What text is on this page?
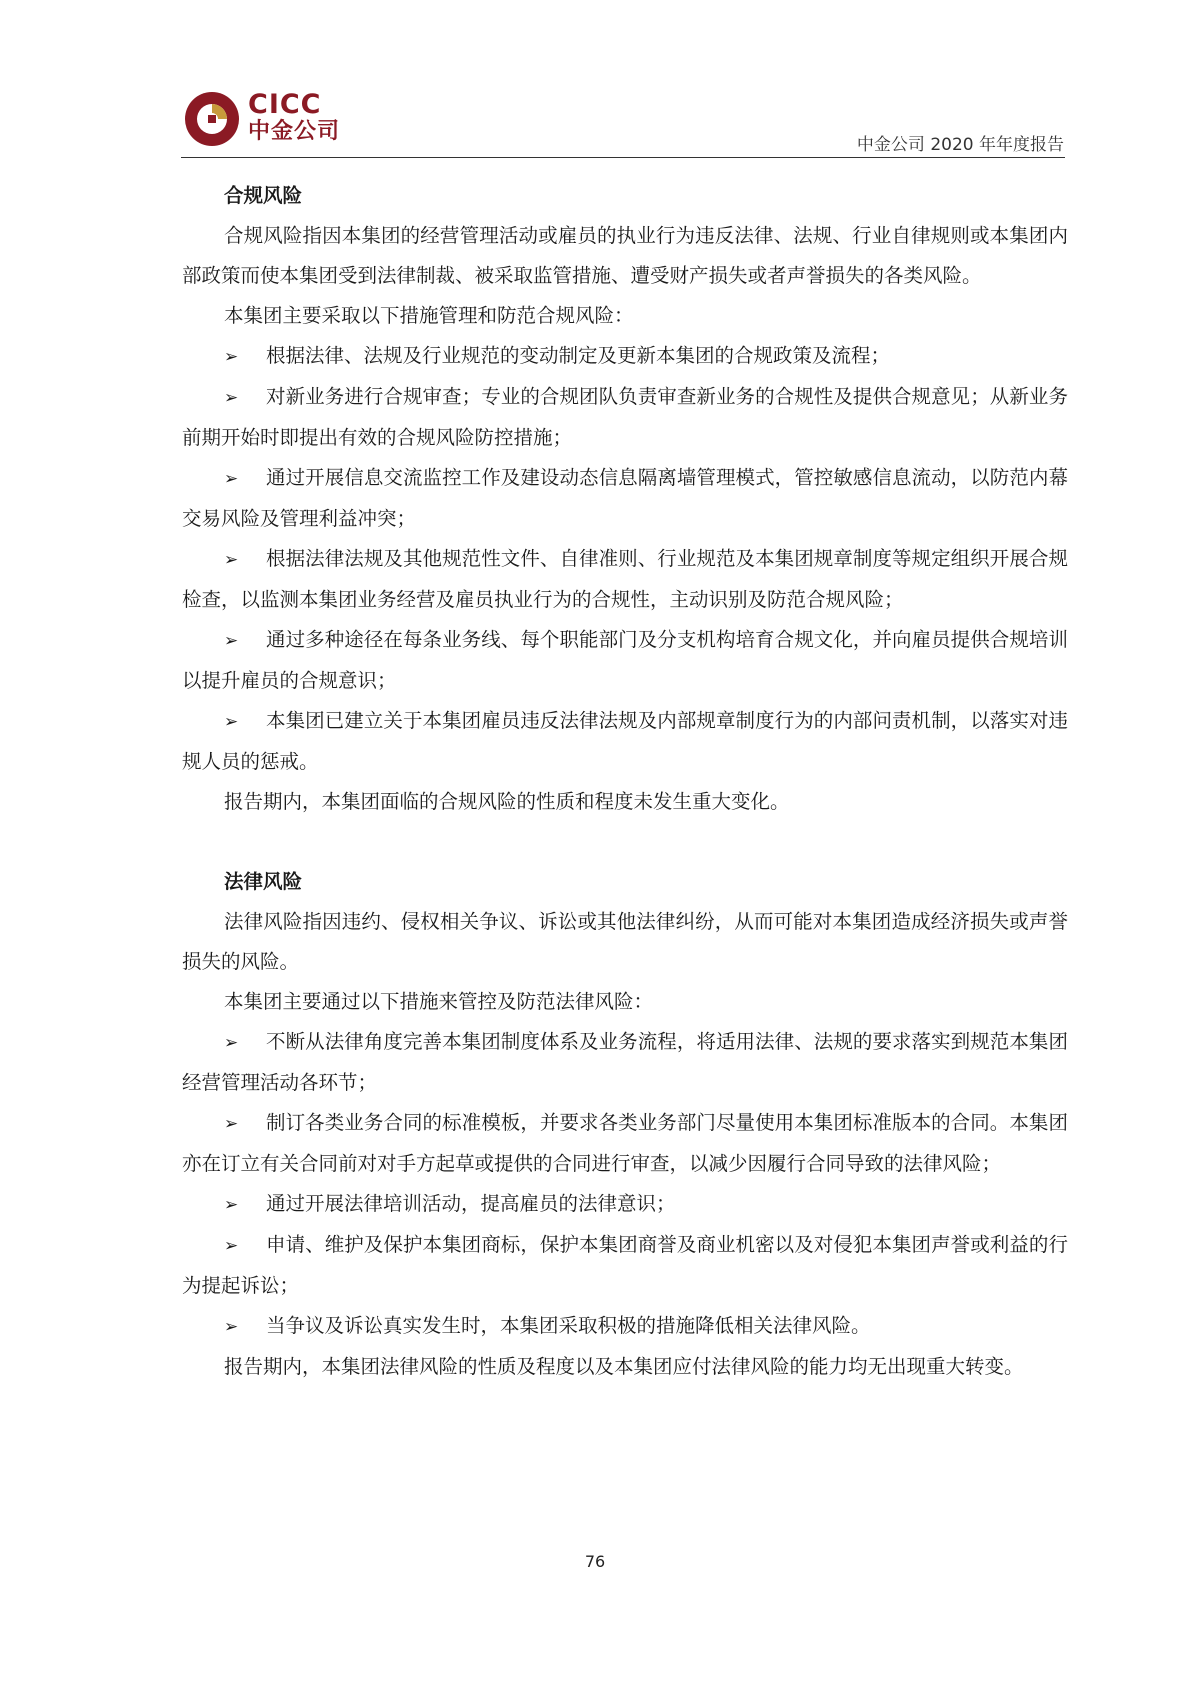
CICC
中金公司
中金公司 2020 年年度报告

合规风险

合规风险指因本集团的经营管理活动或雇员的执业行为违反法律、法规、行业自律规则或本集团内部政策而使本集团受到法律制裁、被采取监管措施、遭受财产损失或者声誉损失的各类风险。

本集团主要采取以下措施管理和防范合规风险：

➢ 根据法律、法规及行业规范的变动制定及更新本集团的合规政策及流程；

➢ 对新业务进行合规审查；专业的合规团队负责审查新业务的合规性及提供合规意见；从新业务前期开始时即提出有效的合规风险防控措施；

➢ 通过开展信息交流监控工作及建设动态信息隔离墙管理模式，管控敏感信息流动，以防范内幕交易风险及管理利益冲突；

➢ 根据法律法规及其他规范性文件、自律准则、行业规范及本集团规章制度等规定组织开展合规检查，以监测本集团业务经营及雇员执业行为的合规性，主动识别及防范合规风险；

➢ 通过多种途径在每条业务线、每个职能部门及分支机构培育合规文化，并向雇员提供合规培训以提升雇员的合规意识；

➢ 本集团已建立关于本集团雇员违反法律法规及内部规章制度行为的内部问责机制，以落实对违规人员的惩戒。

报告期内，本集团面临的合规风险的性质和程度未发生重大变化。

法律风险

法律风险指因违约、侵权相关争议、诉讼或其他法律纠纷，从而可能对本集团造成经济损失或声誉损失的风险。

本集团主要通过以下措施来管控及防范法律风险：

➢ 不断从法律角度完善本集团制度体系及业务流程，将适用法律、法规的要求落实到规范本集团经营管理活动各环节；

➢ 制订各类业务合同的标准模板，并要求各类业务部门尽量使用本集团标准版本的合同。本集团亦在订立有关合同前对对手方起草或提供的合同进行审查，以减少因履行合同导致的法律风险；

➢ 通过开展法律培训活动，提高雇员的法律意识；

➢ 申请、维护及保护本集团商标，保护本集团商誉及商业机密以及对侵犯本集团声誉或利益的行为提起诉讼；

➢ 当争议及诉讼真实发生时，本集团采取积极的措施降低相关法律风险。

报告期内，本集团法律风险的性质及程度以及本集团应付法律风险的能力均无出现重大转变。

76
